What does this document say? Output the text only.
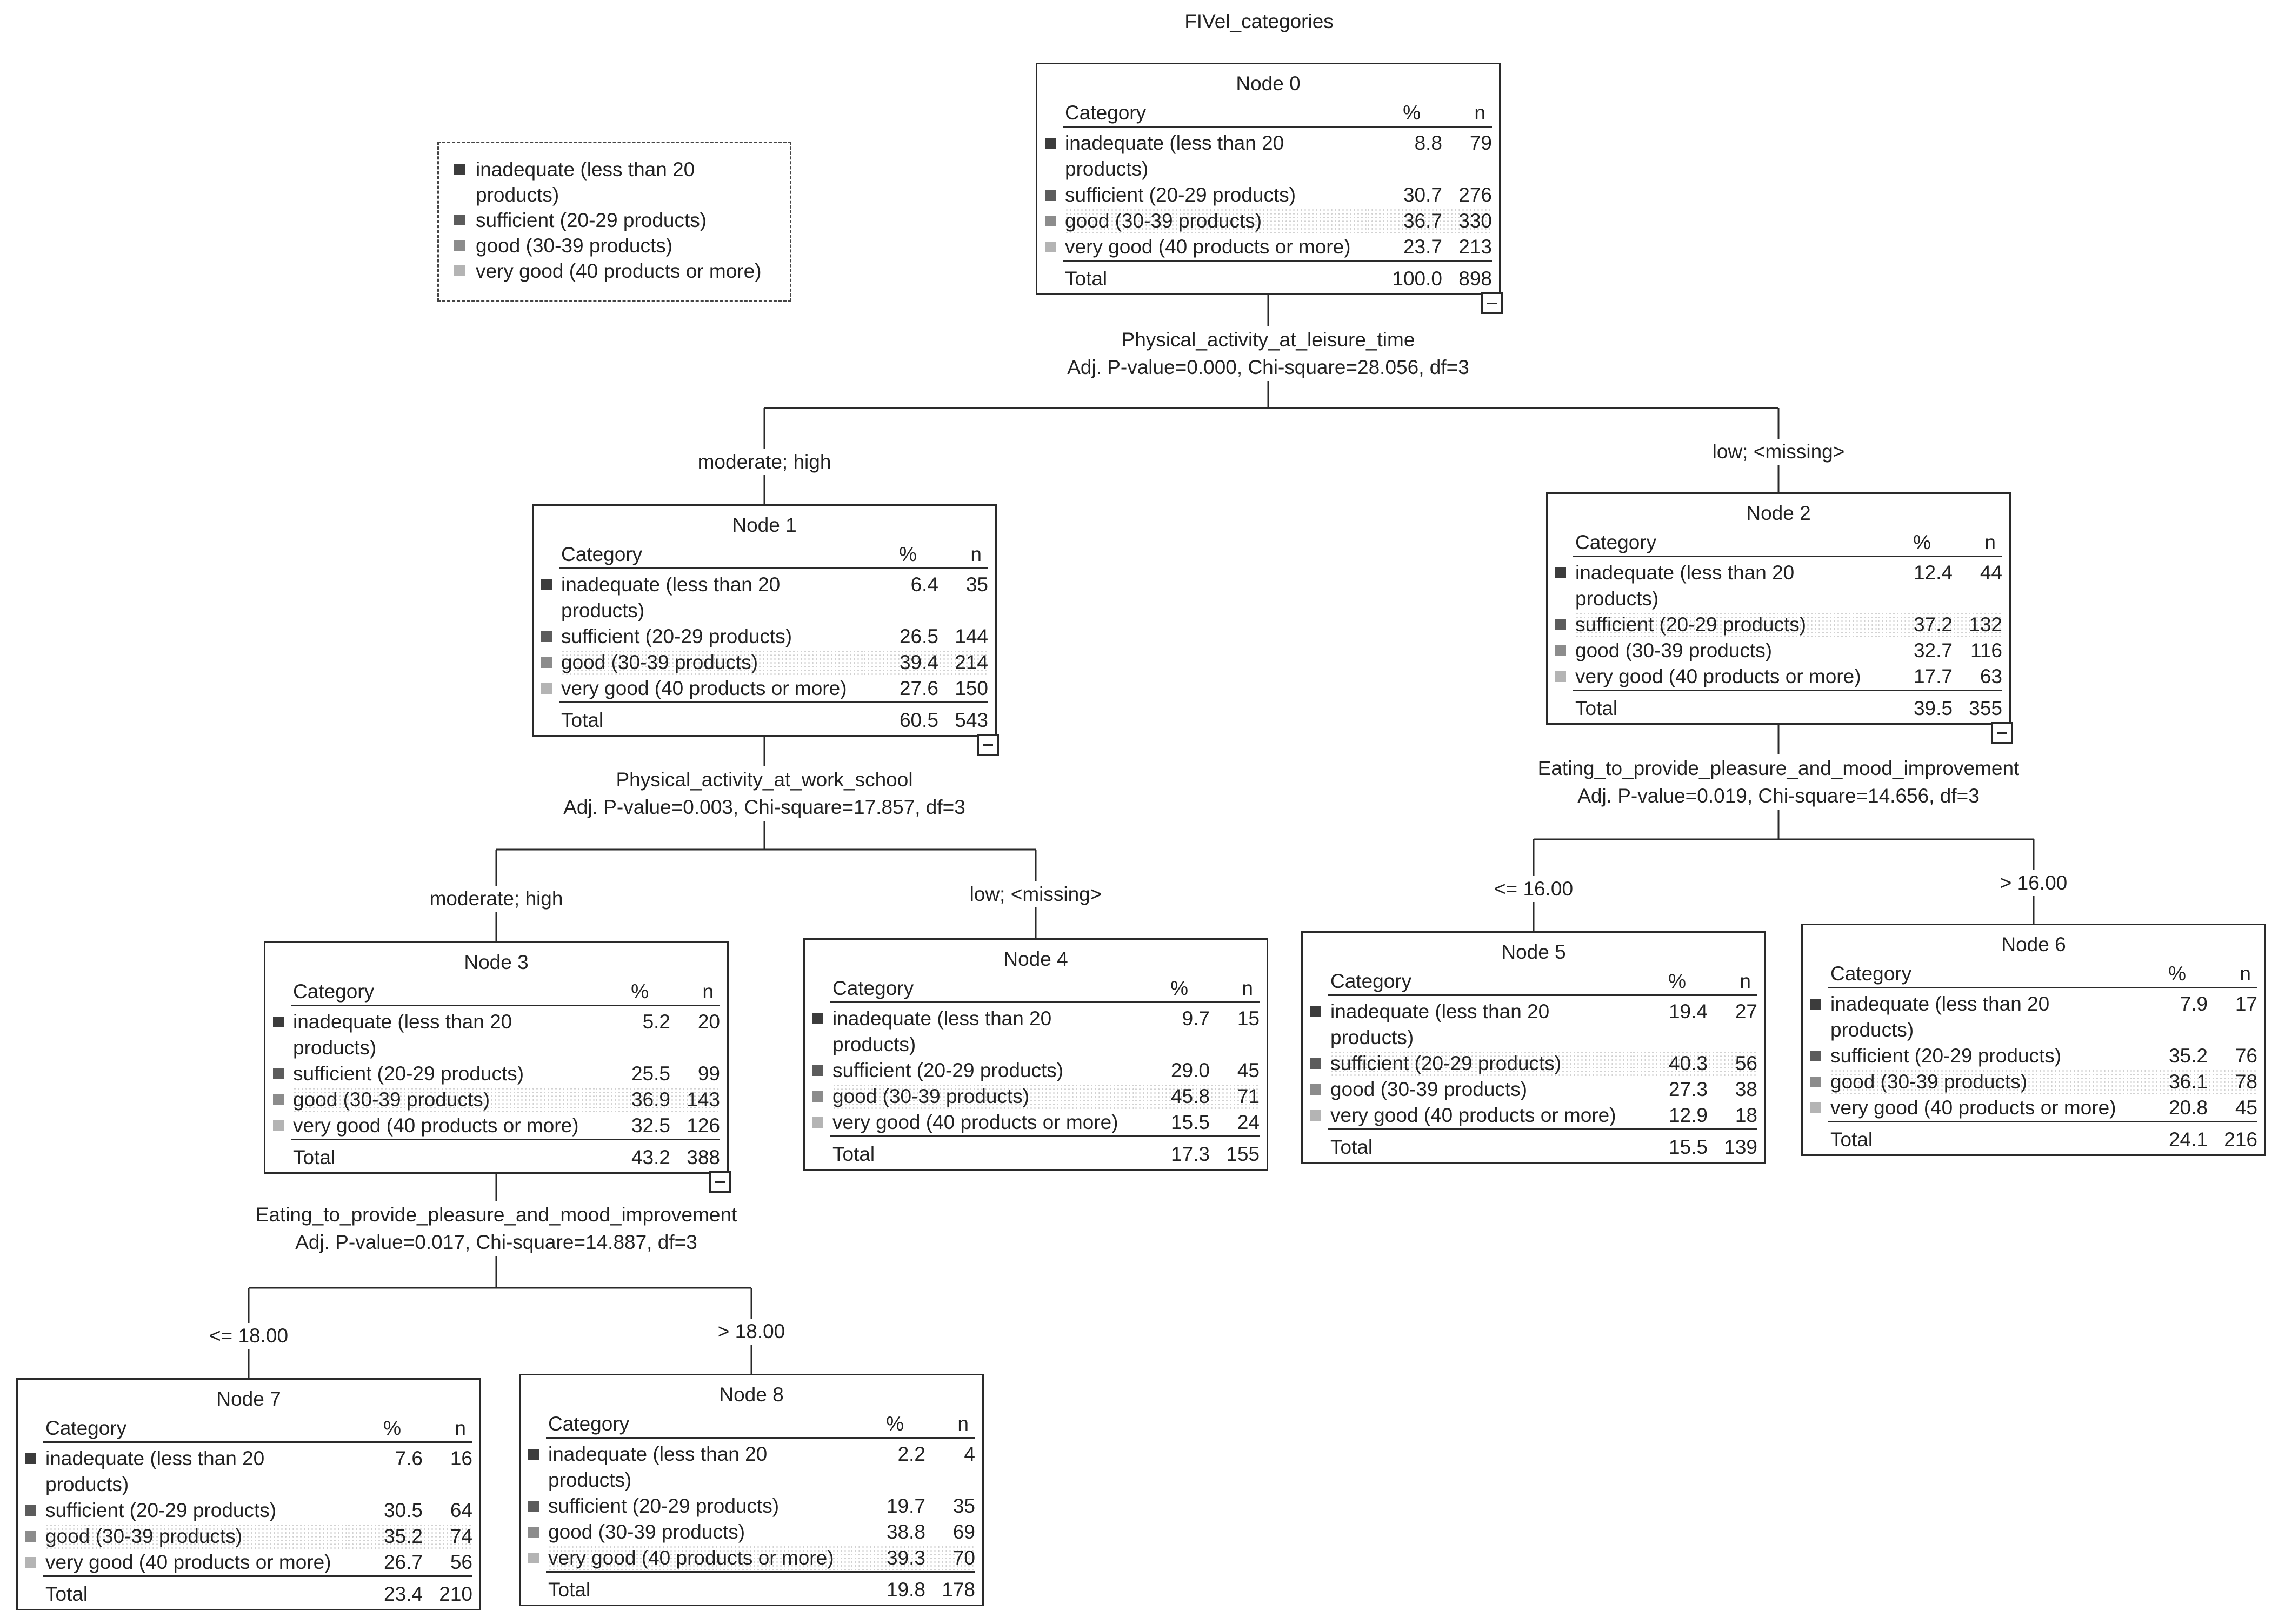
FIVel_categories
inadequate (less than 20
products)
sufficient (20-29 products)
good (30-39 products)
very good (40 products or more)
Node 0
Category	%	n
inadequate (less than 20
products)
8.8	79
sufficient (20-29 products)	30.7 276
good (30-39 products)	36.7 330
very good (40 products or more)	23.7 213
Total	100.0 898
Node 1
Category	%	n
inadequate (less than 20
products)
6.4	35
sufficient (20-29 products)	26.5 144
good (30-39 products)	39.4 214
very good (40 products or more)	27.6 150
Total	60.5 543
Node 2
Category	%	n
inadequate (less than 20
products)
12.4	44
sufficient (20-29 products)	37.2 132
good (30-39 products)	32.7 116
very good (40 products or more)	17.7	63
Total	39.5 355
Node 3
Category	%	n
inadequate (less than 20
products)
5.2	20
sufficient (20-29 products)	25.5	99
good (30-39 products)	36.9 143
very good (40 products or more)	32.5 126
Total	43.2 388
Node 4
Category	%	n
inadequate (less than 20
products)
9.7	15
sufficient (20-29 products)	29.0	45
good (30-39 products)	45.8	71
very good (40 products or more)	15.5	24
Total	17.3 155
Node 5
Category	%	n
inadequate (less than 20
products)
19.4	27
sufficient (20-29 products)	40.3	56
good (30-39 products)	27.3	38
very good (40 products or more)	12.9	18
Total	15.5 139
Node 6
Category	%	n
inadequate (less than 20
products)
7.9	17
sufficient (20-29 products)	35.2	76
good (30-39 products)	36.1	78
very good (40 products or more)	20.8	45
Total	24.1 216
Node 7
Category	%	n
inadequate (less than 20
products)
7.6	16
sufficient (20-29 products)	30.5	64
good (30-39 products)	35.2	74
very good (40 products or more)	26.7	56
Total	23.4 210
Node 8
Category	%	n
inadequate (less than 20
products)
2.2	4
sufficient (20-29 products)	19.7	35
good (30-39 products)	38.8	69
very good (40 products or more)	39.3	70
Total	19.8 178
Physical_activity_at_leisure_time
Adj. P-value=0.000, Chi-square=28.056, df=3
Physical_activity_at_work_school
Adj. P-value=0.003, Chi-square=17.857, df=3
Eating_to_provide_pleasure_and_mood_improvement
Adj. P-value=0.019, Chi-square=14.656, df=3
Eating_to_provide_pleasure_and_mood_improvement
Adj. P-value=0.017, Chi-square=14.887, df=3
moderate; high	low; <missing>
moderate; high	low; <missing>	<= 16.00	> 16.00
<= 18.00	> 18.00
